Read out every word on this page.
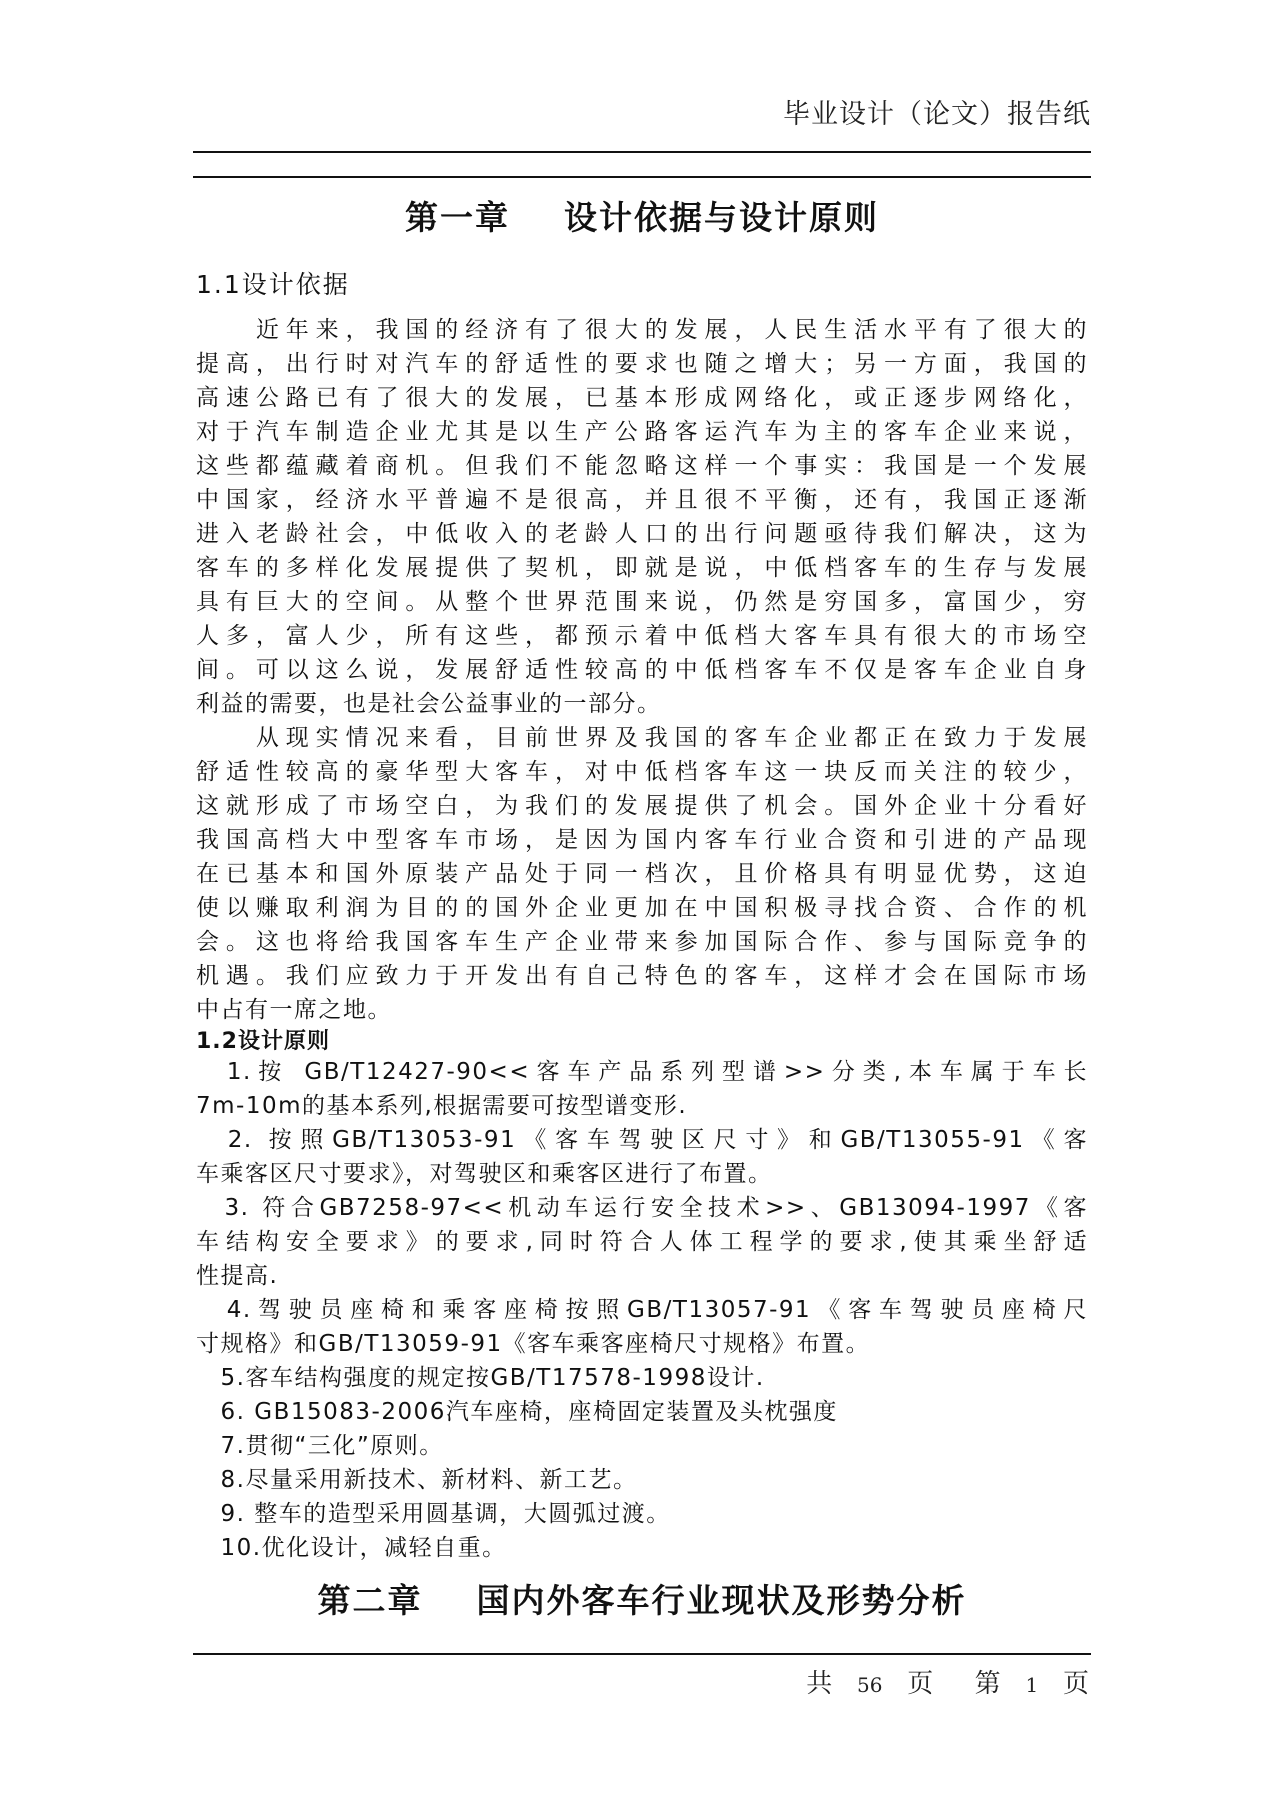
毕业设计（论文）报告纸
第一章    设计依据与设计原则
1.1设计依据
　　近年来，我国的经济有了很大的发展，人民生活水平有了很大的
提高，出行时对汽车的舒适性的要求也随之增大；另一方面，我国的
高速公路已有了很大的发展，已基本形成网络化，或正逐步网络化，
对于汽车制造企业尤其是以生产公路客运汽车为主的客车企业来说，
这些都蕴藏着商机。但我们不能忽略这样一个事实：我国是一个发展
中国家，经济水平普遍不是很高，并且很不平衡，还有，我国正逐渐
进入老龄社会，中低收入的老龄人口的出行问题亟待我们解决，这为
客车的多样化发展提供了契机，即就是说，中低档客车的生存与发展
具有巨大的空间。从整个世界范围来说，仍然是穷国多，富国少，穷
人多，富人少，所有这些，都预示着中低档大客车具有很大的市场空
间。可以这么说，发展舒适性较高的中低档客车不仅是客车企业自身
利益的需要，也是社会公益事业的一部分。
　　从现实情况来看，目前世界及我国的客车企业都正在致力于发展
舒适性较高的豪华型大客车，对中低档客车这一块反而关注的较少，
这就形成了市场空白，为我们的发展提供了机会。国外企业十分看好
我国高档大中型客车市场，是因为国内客车行业合资和引进的产品现
在已基本和国外原装产品处于同一档次，且价格具有明显优势，这迫
使以赚取利润为目的的国外企业更加在中国积极寻找合资、合作的机
会。这也将给我国客车生产企业带来参加国际合作、参与国际竞争的
机遇。我们应致力于开发出有自己特色的客车，这样才会在国际市场
中占有一席之地。
1.2设计原则
　1.按 GB/T12427-90<<客车产品系列型谱>>分类,本车属于车长
7m-10m的基本系列,根据需要可按型谱变形.
　2. 按照GB/T13053-91《客车驾驶区尺寸》和GB/T13055-91《客
车乘客区尺寸要求》，对驾驶区和乘客区进行了布置。
　3. 符合GB7258-97<<机动车运行安全技术>>、GB13094-1997《客
车结构安全要求》的要求,同时符合人体工程学的要求,使其乘坐舒适
性提高.
　4.驾驶员座椅和乘客座椅按照GB/T13057-91《客车驾驶员座椅尺
寸规格》和GB/T13059-91《客车乘客座椅尺寸规格》布置。
　5.客车结构强度的规定按GB/T17578-1998设计.
　6. GB15083-2006汽车座椅，座椅固定装置及头枕强度
　7.贯彻“三化”原则。
　8.尽量采用新技术、新材料、新工艺。
　9. 整车的造型采用圆基调，大圆弧过渡。
　10.优化设计，减轻自重。
第二章    国内外客车行业现状及形势分析
共 56 页 第 1 页
